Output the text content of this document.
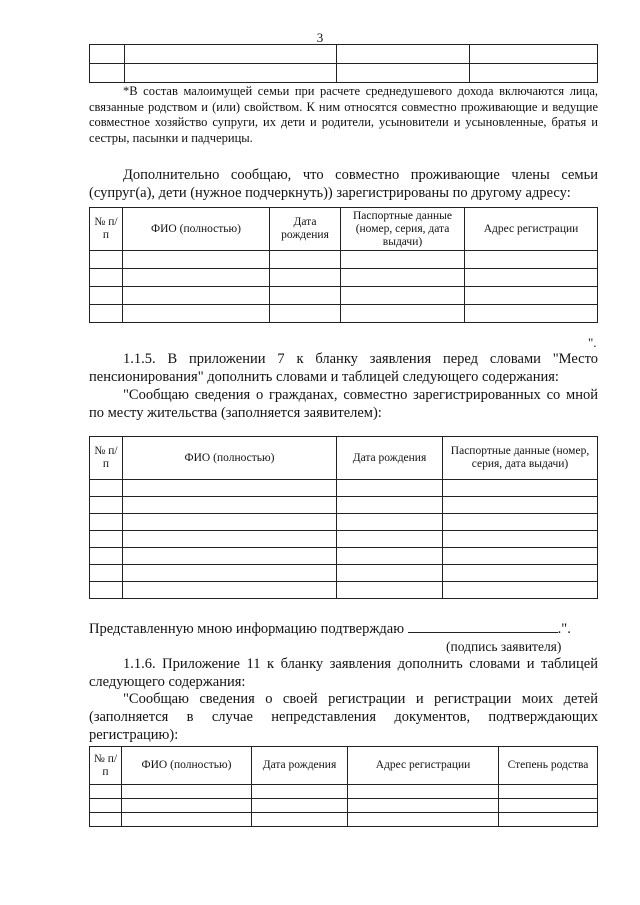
3

*В состав малоимущей семьи при расчете среднедушевого дохода включаются лица, связанные родством и (или) свойством. К ним относятся совместно проживающие и ведущие совместное хозяйство супруги, их дети и родители, усыновители и усыновленные, братья и сестры, пасынки и падчерицы.
Дополнительно сообщаю, что совместно проживающие члены семьи (супруг(а), дети (нужное подчеркнуть)) зарегистрированы по другому адресу:
№ п/п	ФИО (полностью)	Дата рождения	Паспортные данные (номер, серия, дата выдачи)	Адрес регистрации

".
1.1.5. В приложении 7 к бланку заявления перед словами "Место пенсионирования" дополнить словами и таблицей следующего содержания:
"Сообщаю сведения о гражданах, совместно зарегистрированных со мной по месту жительства (заполняется заявителем):
№ п/п	ФИО (полностью)	Дата рождения	Паспортные данные (номер, серия, дата выдачи)

Представленную мною информацию подтверждаю	.".
(подпись заявителя)
1.1.6. Приложение 11 к бланку заявления дополнить словами и таблицей следующего содержания:
"Сообщаю сведения о своей регистрации и регистрации моих детей (заполняется в случае непредставления документов, подтверждающих регистрацию):
№ п/п	ФИО (полностью)	Дата рождения	Адрес регистрации	Степень родства
